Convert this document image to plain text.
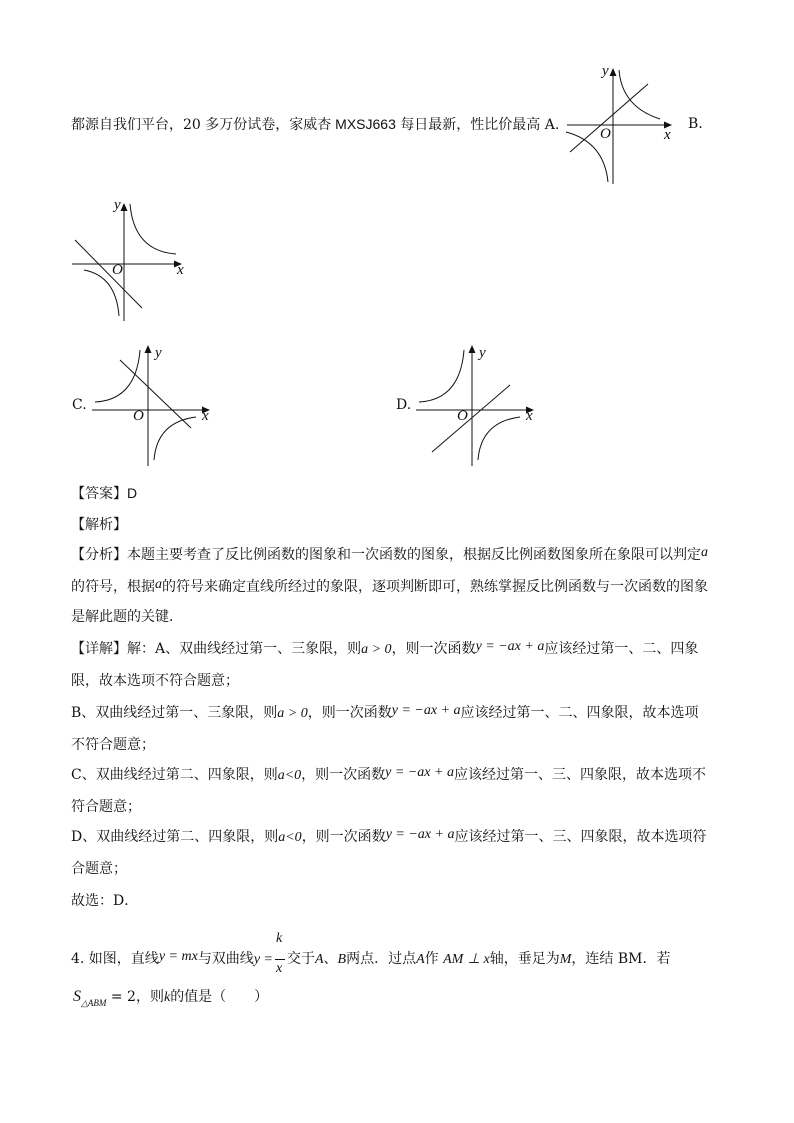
都源自我们平台，20 多万份试卷，家威杏 MXSJ663 每日最新，性比价最高 A.	B.
y
x
O
y
x
O
C.
y
x
O
D.
y
x
O
【答案】D
【解析】
【分析】本题主要考查了反比例函数的图象和一次函数的图象，根据反比例函数图象所在象限可以判定a
的符号，根据a的符号来确定直线所经过的象限，逐项判断即可，熟练掌握反比例函数与一次函数的图象
是解此题的关键．
【详解】解：A、双曲线经过第一、三象限，则a > 0，则一次函数y = −ax + a应该经过第一、二、四象
限，故本选项不符合题意；
B、双曲线经过第一、三象限，则a > 0，则一次函数y = −ax + a应该经过第一、二、四象限，故本选项
不符合题意；
C、双曲线经过第二、四象限，则a<0，则一次函数y = −ax + a应该经过第一、三、四象限，故本选项不
符合题意；
D、双曲线经过第二、四象限，则a<0，则一次函数y = −ax + a应该经过第一、三、四象限，故本选项符
合题意；
故选：D．
4. 如图，直线y = mx与双曲线$y = \frac{k}{x}$ 交于A、B两点．过点A作 AM ⊥ x轴，垂足为M，连结 BM．若
$S_{\triangle ABM} = 2$，则k的值是（　　）
